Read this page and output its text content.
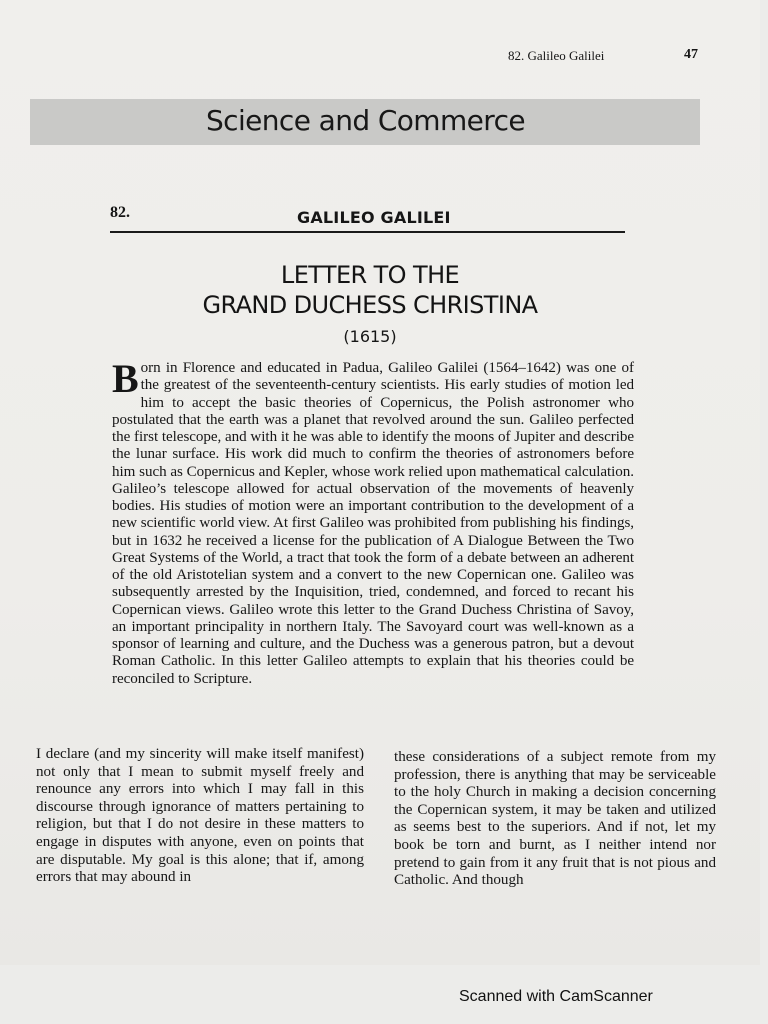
82. Galileo Galilei	47
Science and Commerce
82.	GALILEO GALILEI
LETTER TO THE
GRAND DUCHESS CHRISTINA
(1615)

Born in Florence and educated in Padua, Galileo Galilei (1564–1642) was one of the greatest of the seventeenth-century scientists. His early studies of motion led him to accept the basic theories of Copernicus, the Polish astronomer who postulated that the earth was a planet that revolved around the sun. Galileo perfected the first telescope, and with it he was able to identify the moons of Jupiter and describe the lunar surface. His work did much to confirm the theories of astronomers before him such as Copernicus and Kepler, whose work relied upon mathematical calculation. Galileo’s telescope allowed for actual observation of the movements of heavenly bodies. His studies of motion were an important contribution to the development of a new scientific world view. At first Galileo was prohibited from publishing his findings, but in 1632 he received a license for the publication of A Dialogue Between the Two Great Systems of the World, a tract that took the form of a debate between an adherent of the old Aristotelian system and a convert to the new Copernican one. Galileo was subsequently arrested by the Inquisition, tried, condemned, and forced to recant his Copernican views. Galileo wrote this letter to the Grand Duchess Christina of Savoy, an important principality in northern Italy. The Savoyard court was well-known as a sponsor of learning and culture, and the Duchess was a generous patron, but a devout Roman Catholic. In this letter Galileo attempts to explain that his theories could be reconciled to Scripture.

I declare (and my sincerity will make itself manifest) not only that I mean to submit myself freely and renounce any errors into which I may fall in this discourse through ignorance of matters pertaining to religion, but that I do not desire in these matters to engage in disputes with anyone, even on points that are disputable. My goal is this alone; that if, among errors that may abound in

these considerations of a subject remote from my profession, there is anything that may be serviceable to the holy Church in making a decision concerning the Copernican system, it may be taken and utilized as seems best to the superiors. And if not, let my book be torn and burnt, as I neither intend nor pretend to gain from it any fruit that is not pious and Catholic. And though

Scanned with CamScanner
